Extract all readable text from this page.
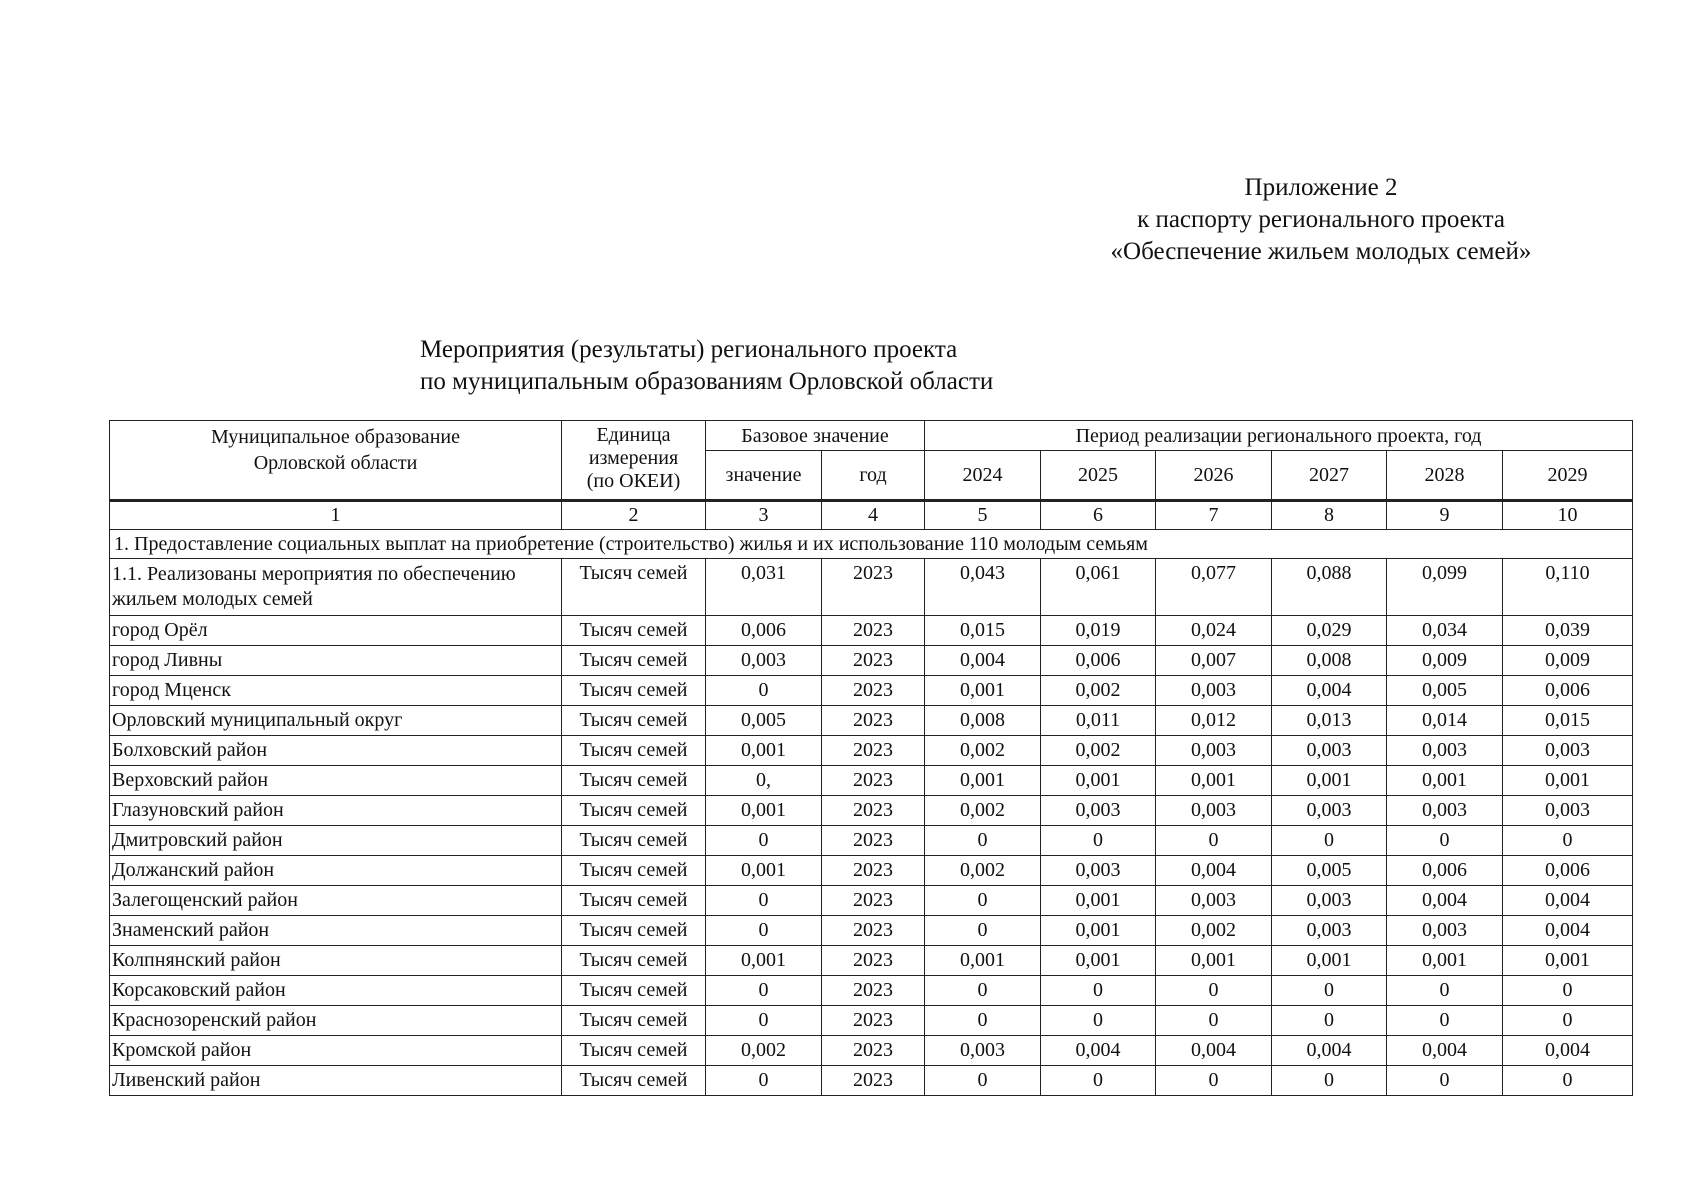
Приложение 2
к паспорту регионального проекта
«Обеспечение жильем молодых семей»
Мероприятия (результаты) регионального проекта
по муниципальным образованиям Орловской области
Муниципальное образование Орловской области	Единица измерения (по ОКЕИ)	Базовое значение		Период реализации регионального проекта, год					
		значение	год	2024	2025	2026	2027	2028	2029
1	2	3	4	5	6	7	8	9	10
1. Предоставление социальных выплат на приобретение (строительство) жилья и их использование 110 молодым семьям									
1.1. Реализованы мероприятия по обеспечению жильем молодых семей	Тысяч семей	0,031	2023	0,043	0,061	0,077	0,088	0,099	0,110
город Орёл	Тысяч семей	0,006	2023	0,015	0,019	0,024	0,029	0,034	0,039
город Ливны	Тысяч семей	0,003	2023	0,004	0,006	0,007	0,008	0,009	0,009
город Мценск	Тысяч семей	0	2023	0,001	0,002	0,003	0,004	0,005	0,006
Орловский муниципальный округ	Тысяч семей	0,005	2023	0,008	0,011	0,012	0,013	0,014	0,015
Болховский район	Тысяч семей	0,001	2023	0,002	0,002	0,003	0,003	0,003	0,003
Верховский район	Тысяч семей	0,	2023	0,001	0,001	0,001	0,001	0,001	0,001
Глазуновский район	Тысяч семей	0,001	2023	0,002	0,003	0,003	0,003	0,003	0,003
Дмитровский район	Тысяч семей	0	2023	0	0	0	0	0	0
Должанский район	Тысяч семей	0,001	2023	0,002	0,003	0,004	0,005	0,006	0,006
Залегощенский район	Тысяч семей	0	2023	0	0,001	0,003	0,003	0,004	0,004
Знаменский район	Тысяч семей	0	2023	0	0,001	0,002	0,003	0,003	0,004
Колпнянский район	Тысяч семей	0,001	2023	0,001	0,001	0,001	0,001	0,001	0,001
Корсаковский район	Тысяч семей	0	2023	0	0	0	0	0	0
Краснозоренский район	Тысяч семей	0	2023	0	0	0	0	0	0
Кромской район	Тысяч семей	0,002	2023	0,003	0,004	0,004	0,004	0,004	0,004
Ливенский район	Тысяч семей	0	2023	0	0	0	0	0	0
